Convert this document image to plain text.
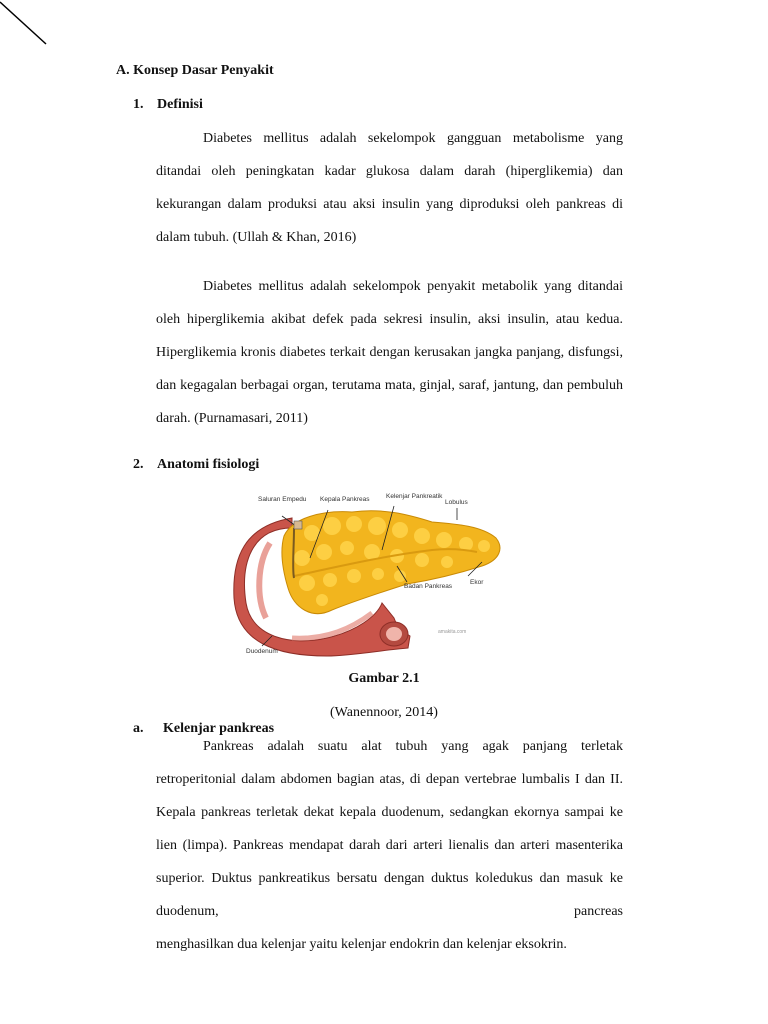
A. Konsep Dasar Penyakit
1. Definisi

Diabetes mellitus adalah sekelompok gangguan metabolisme yang ditandai oleh peningkatan kadar glukosa dalam darah (hiperglikemia) dan kekurangan dalam produksi atau aksi insulin yang diproduksi oleh pankreas di dalam tubuh. (Ullah & Khan, 2016)

Diabetes mellitus adalah sekelompok penyakit metabolik yang ditandai oleh hiperglikemia akibat defek pada sekresi insulin, aksi insulin, atau kedua. Hiperglikemia kronis diabetes terkait dengan kerusakan jangka panjang, disfungsi, dan kegagalan berbagai organ, terutama mata, ginjal, saraf, jantung, dan pembuluh darah. (Purnamasari, 2011)

2. Anatomi fisiologi
Saluran Empedu Kepala Pankreas	Kelenjar Pankreatik
Lobulus
Badan Pankreas
Ekor
Duodenum
amakita.com
Gambar 2.1
(Wanennoor, 2014)
a. Kelenjar pankreas

Pankreas adalah suatu alat tubuh yang agak panjang terletak retroperitonial dalam abdomen bagian atas, di depan vertebrae lumbalis I dan II. Kepala pankreas terletak dekat kepala duodenum, sedangkan ekornya sampai ke lien (limpa). Pankreas mendapat darah dari arteri lienalis dan arteri masenterika superior. Duktus pankreatikus bersatu dengan duktus koledukus dan masuk ke duodenum, pancreas

menghasilkan dua kelenjar yaitu kelenjar endokrin dan kelenjar eksokrin.
